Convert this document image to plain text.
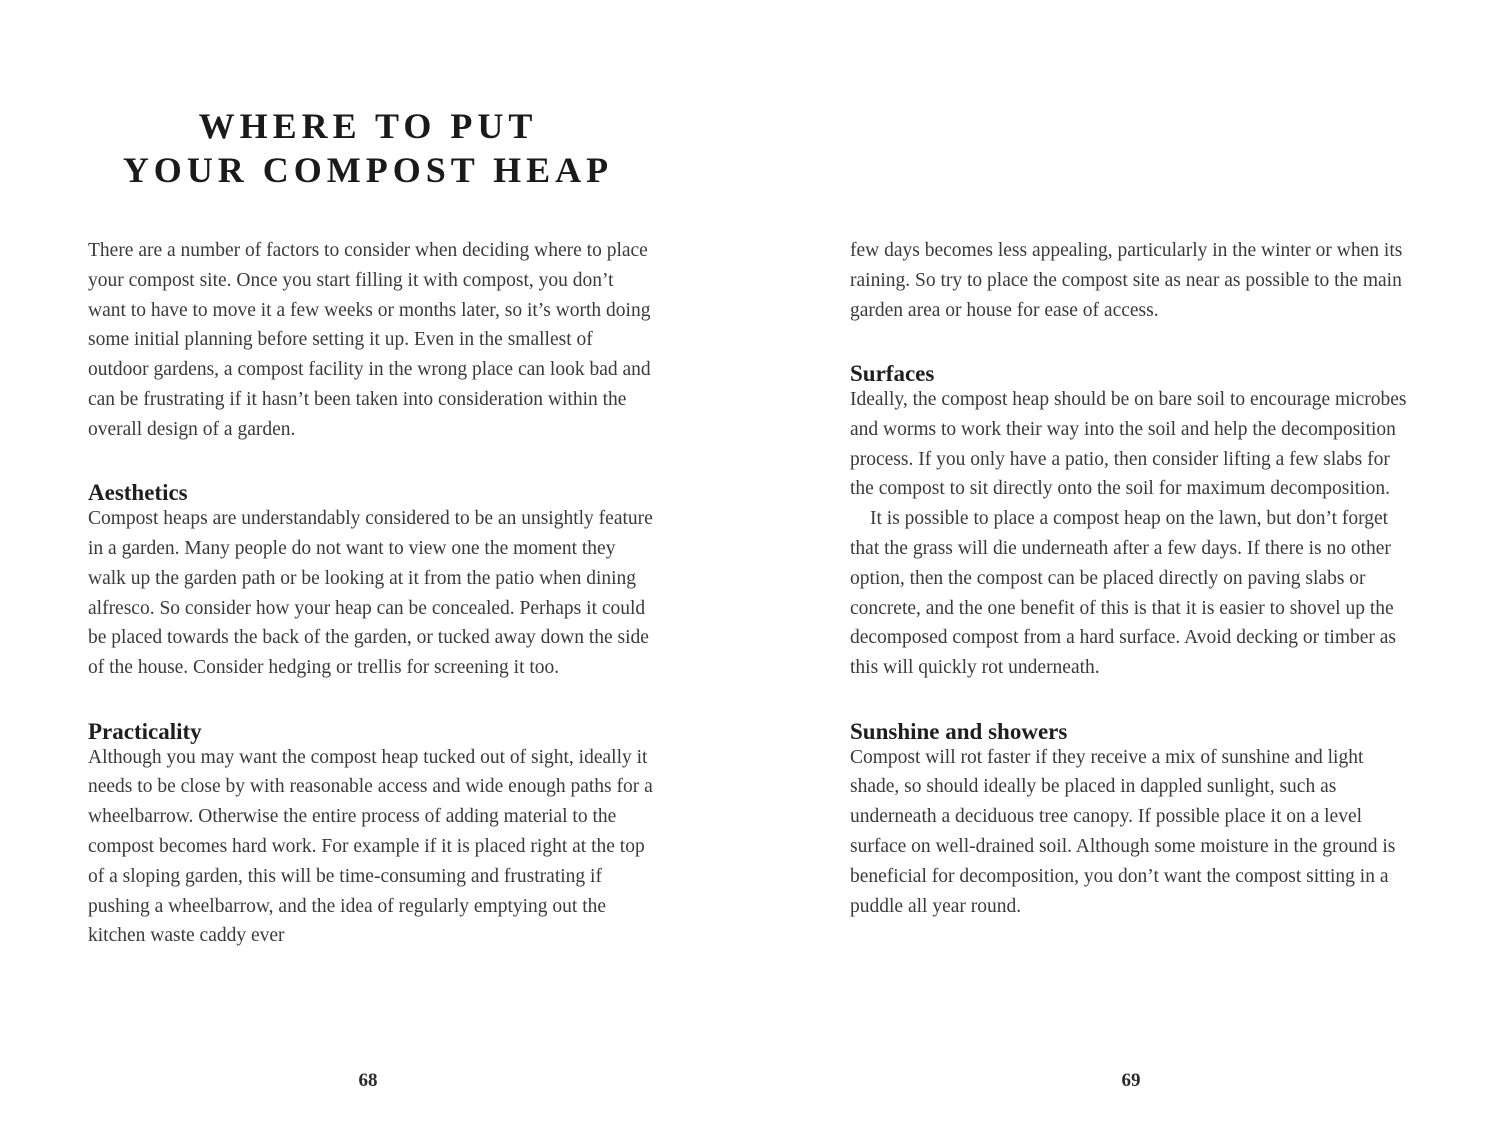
WHERE TO PUT
YOUR COMPOST HEAP

There are a number of factors to consider when deciding where to place your compost site. Once you start filling it with compost, you don’t want to have to move it a few weeks or months later, so it’s worth doing some initial planning before setting it up. Even in the smallest of outdoor gardens, a compost facility in the wrong place can look bad and can be frustrating if it hasn’t been taken into consideration within the overall design of a garden.

Aesthetics

Compost heaps are understandably considered to be an unsightly feature in a garden. Many people do not want to view one the moment they walk up the garden path or be looking at it from the patio when dining alfresco. So consider how your heap can be concealed. Perhaps it could be placed towards the back of the garden, or tucked away down the side of the house. Consider hedging or trellis for screening it too.

Practicality

Although you may want the compost heap tucked out of sight, ideally it needs to be close by with reasonable access and wide enough paths for a wheelbarrow. Otherwise the entire process of adding material to the compost becomes hard work. For example if it is placed right at the top of a sloping garden, this will be time-consuming and frustrating if pushing a wheelbarrow, and the idea of regularly emptying out the kitchen waste caddy ever

68

few days becomes less appealing, particularly in the winter or when its raining. So try to place the compost site as near as possible to the main garden area or house for ease of access.

Surfaces

Ideally, the compost heap should be on bare soil to encourage microbes and worms to work their way into the soil and help the decomposition process. If you only have a patio, then consider lifting a few slabs for the compost to sit directly onto the soil for maximum decomposition.

It is possible to place a compost heap on the lawn, but don’t forget that the grass will die underneath after a few days. If there is no other option, then the compost can be placed directly on paving slabs or concrete, and the one benefit of this is that it is easier to shovel up the decomposed compost from a hard surface. Avoid decking or timber as this will quickly rot underneath.

Sunshine and showers

Compost will rot faster if they receive a mix of sunshine and light shade, so should ideally be placed in dappled sunlight, such as underneath a deciduous tree canopy. If possible place it on a level surface on well-drained soil. Although some moisture in the ground is beneficial for decomposition, you don’t want the compost sitting in a puddle all year round.

69
